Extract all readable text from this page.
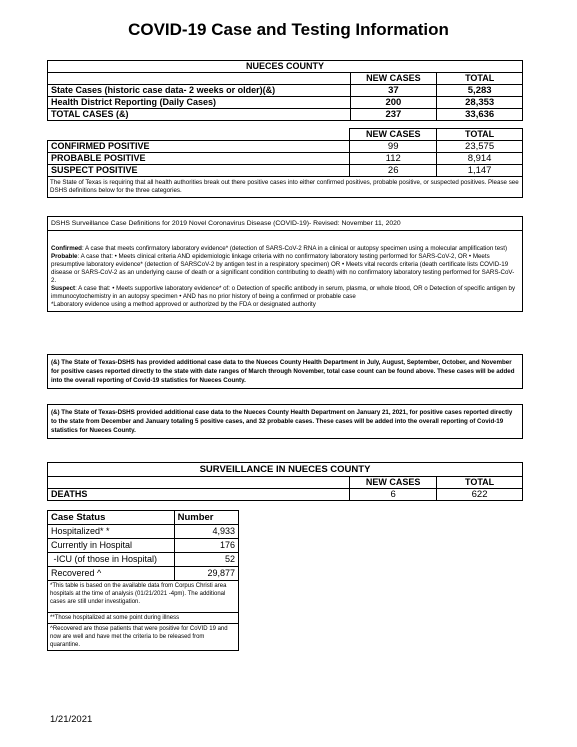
COVID-19 Case and Testing Information
NUECES COUNTY		
	NEW CASES	TOTAL
State Cases (historic case data- 2 weeks or older)(&)	37	5,283
Health District Reporting (Daily Cases)	200	28,353
TOTAL CASES (&)	237	33,636
	NEW CASES	TOTAL
CONFIRMED POSITIVE	99	23,575
PROBABLE POSITIVE	112	8,914
SUSPECT POSITIVE	26	1,147
The State of Texas is requiring that all health authorities break out there positive cases into either confirmed positives, probable positive, or suspected positives. Please see DSHS definitions below for the three categories.
DSHS Surveillance Case Definitions for 2019 Novel Coronavirus Disease (COVID-19)- Revised: November 11, 2020
Confirmed: A case that meets confirmatory laboratory evidence* (detection of SARS-CoV-2 RNA in a clinical or autopsy specimen using a molecular amplification test)
Probable: A case that: • Meets clinical criteria AND epidemiologic linkage criteria with no confirmatory laboratory testing performed for SARS-CoV-2, OR • Meets presumptive laboratory evidence* (detection of SARSCoV-2 by antigen test in a respiratory specimen) OR • Meets vital records criteria (death certificate lists COVID-19 disease or SARS-CoV-2 as an underlying cause of death or a significant condition contributing to death) with no confirmatory laboratory testing performed for SARS-CoV-2.
Suspect: A case that: • Meets supportive laboratory evidence* of: o Detection of specific antibody in serum, plasma, or whole blood, OR o Detection of specific antigen by immunocytochemistry in an autopsy specimen • AND has no prior history of being a confirmed or probable case
*Laboratory evidence using a method approved or authorized by the FDA or designated authority
(&) The State of Texas-DSHS has provided additional case data to the Nueces County Health Department in July, August, September, October, and November for positive cases reported directly to the state with date ranges of March through November, total case count can be found above. These cases will be added into the overall reporting of Covid-19 statistics for Nueces County.
(&) The State of Texas-DSHS provided additional case data to the Nueces County Health Department on January 21, 2021, for positive cases reported directly to the state from December and January totaling 5 positive cases, and 32 probable cases. These cases will be added into the overall reporting of Covid-19 statistics for Nueces County.
SURVEILLANCE IN NUECES COUNTY		
	NEW CASES	TOTAL
DEATHS	6	622
Case Status	Number
Hospitalized* *	4,933
Currently in Hospital	176
-ICU (of those in Hospital)	52
Recovered ^	29,877
*This table is based on the available data from Corpus Christi area hospitals at the time of analysis (01/21/2021 -4pm). The additional cases are still under investigation.	
**Those hospitalized at some point during illness	
^Recovered are those patients that were positive for CoVID 19 and now are well and have met the criteria to be released from quarantine.	
1/21/2021
